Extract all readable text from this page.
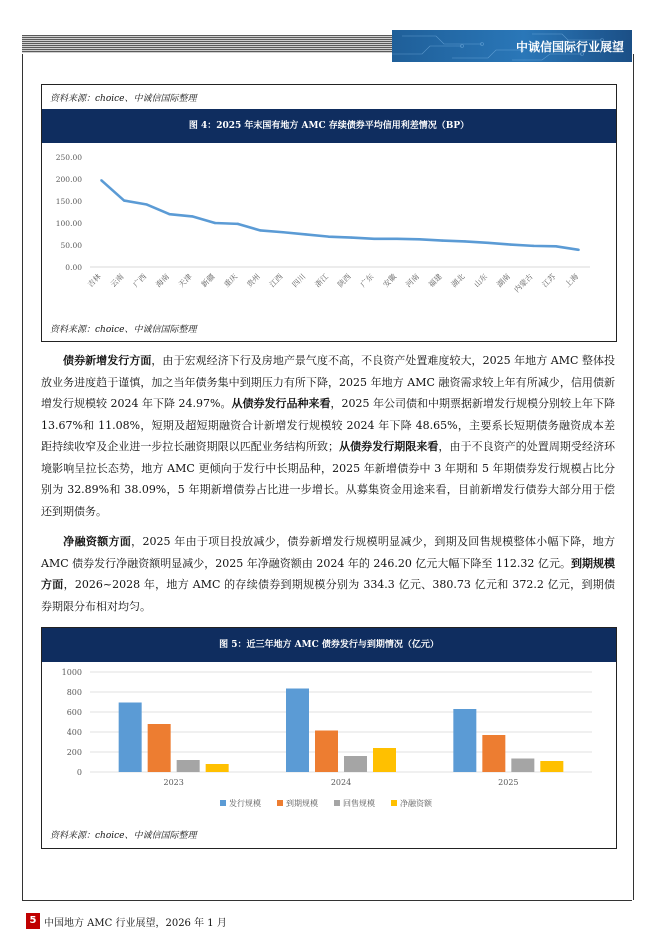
中诚信国际行业展望
资料来源：choice、中诚信国际整理
图 4：2025 年末国有地方 AMC 存续债券平均信用利差情况（BP）
250.00
200.00
150.00
100.00
50.00
0.00
吉林 云南 广西 海南 天津 新疆 重庆 贵州 江西 四川 浙江 陕西 广东 安徽 河南 福建 湖北 山东 湖南 内蒙古 江苏 上海
资料来源：choice、中诚信国际整理
债券新增发行方面，由于宏观经济下行及房地产景气度不高，不良资产处置难度较大，2025 年地方 AMC 整体投放业务进度趋于谨慎，加之当年债务集中到期压力有所下降，2025 年地方 AMC 融资需求较上年有所减少，信用债新增发行规模较 2024 年下降 24.97%。从债券发行品种来看，2025 年公司债和中期票据新增发行规模分别较上年下降 13.67%和 11.08%，短期及超短期融资合计新增发行规模较 2024 年下降 48.65%，主要系长短期债务融资成本差距持续收窄及企业进一步拉长融资期限以匹配业务结构所致；从债券发行期限来看，由于不良资产的处置周期受经济环境影响呈拉长态势，地方 AMC 更倾向于发行中长期品种，2025 年新增债券中 3 年期和 5 年期债券发行规模占比分别为 32.89%和 38.09%，5 年期新增债券占比进一步增长。从募集资金用途来看，目前新增发行债券大部分用于偿还到期债务。
净融资额方面，2025 年由于项目投放减少，债券新增发行规模明显减少，到期及回售规模整体小幅下降，地方 AMC 债券发行净融资额明显减少，2025 年净融资额由 2024 年的 246.20 亿元大幅下降至 112.32 亿元。到期规模方面，2026~2028 年，地方 AMC 的存续债券到期规模分别为 334.3 亿元、380.73 亿元和 372.2 亿元，到期债券期限分布相对均匀。
图 5：近三年地方 AMC 债券发行与到期情况（亿元）
1000
800
600
400
200
0
2023	2024	2025
发行规模	到期规模	回售规模	净融资额
资料来源：choice、中诚信国际整理
5 中国地方 AMC 行业展望，2026 年 1 月
